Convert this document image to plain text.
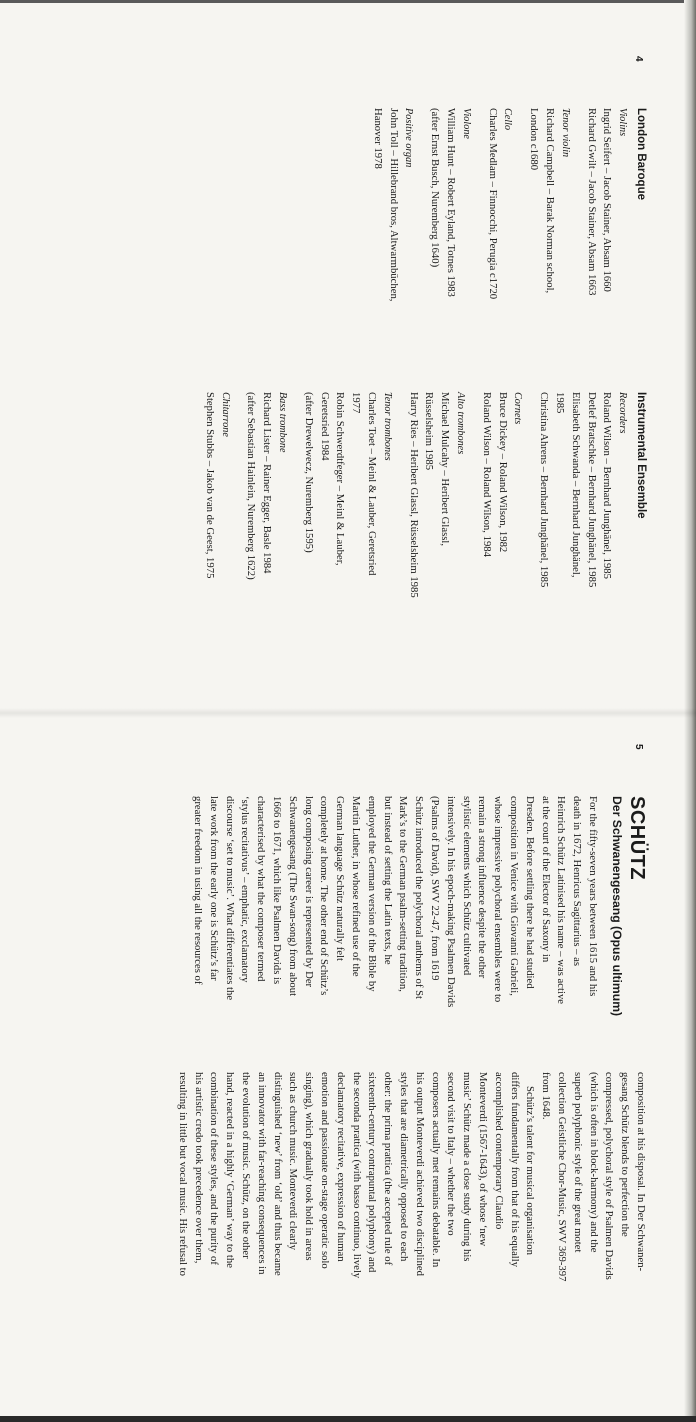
4
London Baroque
Violins
Ingrid Seifert – Jacob Stainer, Absam 1660
Richard Gwilt – Jacob Stainer, Absam 1663
Tenor violin
Richard Campbell – Barak Norman school,
London c1680
Cello
Charles Medlam – Finnocchi, Perugia c1720
Violone
William Hunt – Robert Eyland, Totnes 1983
(after Ernst Busch, Nuremberg 1640)
Positive organ
John Toll – Hillebrand bros, Altwarmbüchen,
Hanover 1978
Instrumental Ensemble
Recorders
Roland Wilson – Bernhard Junghänel, 1985
Detlef Bratschke – Bernhard Junghänel, 1985
Elisabeth Schwanda – Bernhard Junghänel,
1985
Christina Ahrens – Bernhard Junghänel, 1985
Cornets
Bruce Dickey – Roland Wilson, 1982
Roland Wilson – Roland Wilson, 1984
Alto trombones
Michael Mulcahy – Heribert Glassl,
Rüsselsheim 1985
Harry Ries – Heribert Glassl, Rüsselsheim 1985
Tenor trombones
Charles Toet – Meinl & Lauber, Geretsried
1977
Robin Schwerdtfeger – Meinl & Lauber,
Geretsried 1984
(after Drewelwecz, Nuremberg 1595)
Bass trombone
Richard Lister – Rainer Egger, Basle 1984
(after Sebastian Hainlein, Nuremberg 1622)
Chitarrone
Stephen Stubbs – Jakob van de Geest, 1975
5
SCHÜTZ
Der Schwanengesang (Opus ultimum)
For the fifty-seven years between 1615 and his
death in 1672, Henricus Sagittarius – as
Heinrich Schütz Latinised his name – was active
at the court of the Elector of Saxony in
Dresden. Before settling there he had studied
composition in Venice with Giovanni Gabrieli,
whose impressive polychoral ensembles were to
remain a strong influence despite the other
stylistic elements which Schütz cultivated
intensively. In his epoch-making Psalmen Davids
(Psalms of David), SWV 22-47, from 1619
Schütz introduced the polychoral anthems of St
Mark’s to the German psalm-setting tradition,
but instead of setting the Latin texts, he
employed the German version of the Bible by
Martin Luther, in whose refined use of the
German language Schütz naturally felt
completely at home. The other end of Schütz’s
long composing career is represented by Der
Schwanengesang (The Swan-song) from about
1666 to 1671, which like Psalmen Davids is
characterised by what the composer termed
‘stylus recitativus’ – emphatic, exclamatory
discourse ‘set to music’. What differentiates the
late work from the early one is Schütz’s far
greater freedom in using all the resources of
composition at his disposal. In Der Schwanen-
gesang Schütz blends to perfection the
compressed, polychoral style of Psalmen Davids
(which is often in block-harmony) and the
superb polyphonic style of the great motet
collection Geistliche Chor-Music, SWV 369-397
from 1648.
Schütz’s talent for musical organisation
differs fundamentally from that of his equally
accomplished contemporary Claudio
Monteverdi (1567-1643), of whose ‘new
music’ Schütz made a close study during his
second visit to Italy – whether the two
composers actually met remains debatable. In
his output Monteverdi achieved two disciplined
styles that are diametrically opposed to each
other: the prima prattica (the accepted rule of
sixteenth-century contrapuntal polyphony) and
the seconda prattica (with basso continuo, lively
declamatory recitative, expression of human
emotion and passionate on-stage operatic solo
singing), which gradually took hold in areas
such as church music. Monteverdi clearly
distinguished ‘new’ from ‘old’ and thus became
an innovator with far-reaching consequences in
the evolution of music. Schütz, on the other
hand, reacted in a highly ‘German’ way to the
combination of these styles, and the purity of
his artistic credo took precedence over them,
resulting in little but vocal music. His refusal to
